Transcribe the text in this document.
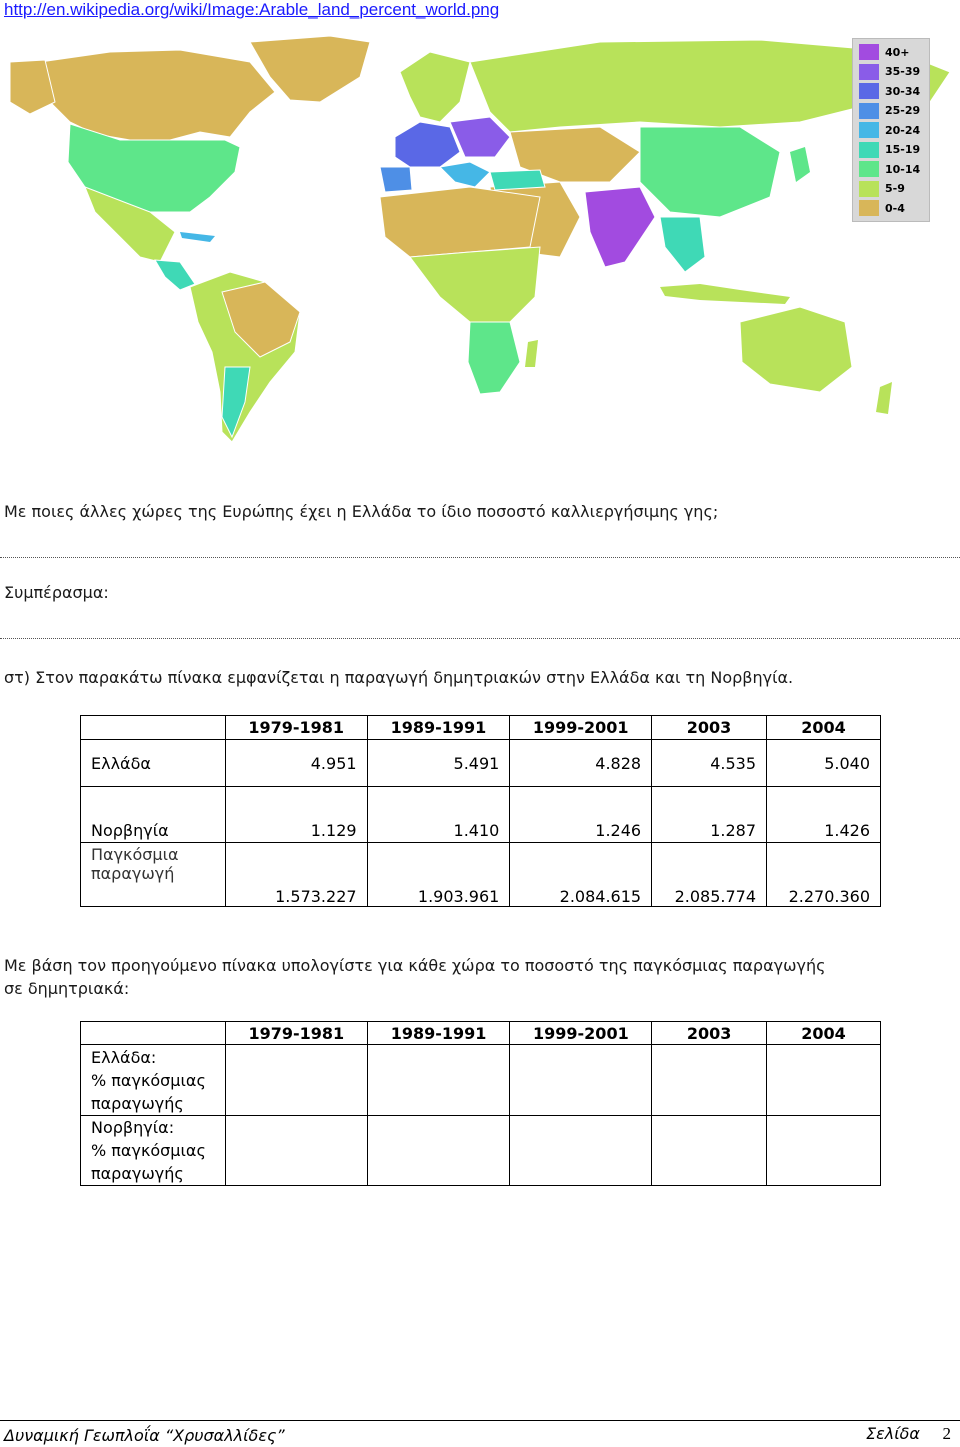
http://en.wikipedia.org/wiki/Image:Arable_land_percent_world.png
40+
35-39
30-34
25-29
20-24
15-19
10-14
5-9
0-4
Με ποιες άλλες χώρες της Ευρώπης έχει η Ελλάδα το ίδιο ποσοστό καλλιεργήσιμης γης;
Συμπέρασμα:
στ) Στον παρακάτω πίνακα εμφανίζεται η παραγωγή δημητριακών στην Ελλάδα και τη Νορβηγία.
	1979-1981	1989-1991	1999-2001	2003	2004
Ελλάδα	4.951	5.491	4.828	4.535	5.040
Νορβηγία	1.129	1.410	1.246	1.287	1.426

Παγκόσμια
παραγωγή	1.573.227	1.903.961	2.084.615	2.085.774	2.270.360
Με βάση τον προηγούμενο πίνακα υπολογίστε για κάθε χώρα το ποσοστό της παγκόσμιας παραγωγής
σε δημητριακά:
	1979-1981	1989-1991	1999-2001	2003	2004

Ελλάδα:
% παγκόσμιας
παραγωγής					

Νορβηγία:
% παγκόσμιας
παραγωγής					

Δυναμική Γεωπλοΐα “Χρυσαλλίδες”	Σελίδα 2
